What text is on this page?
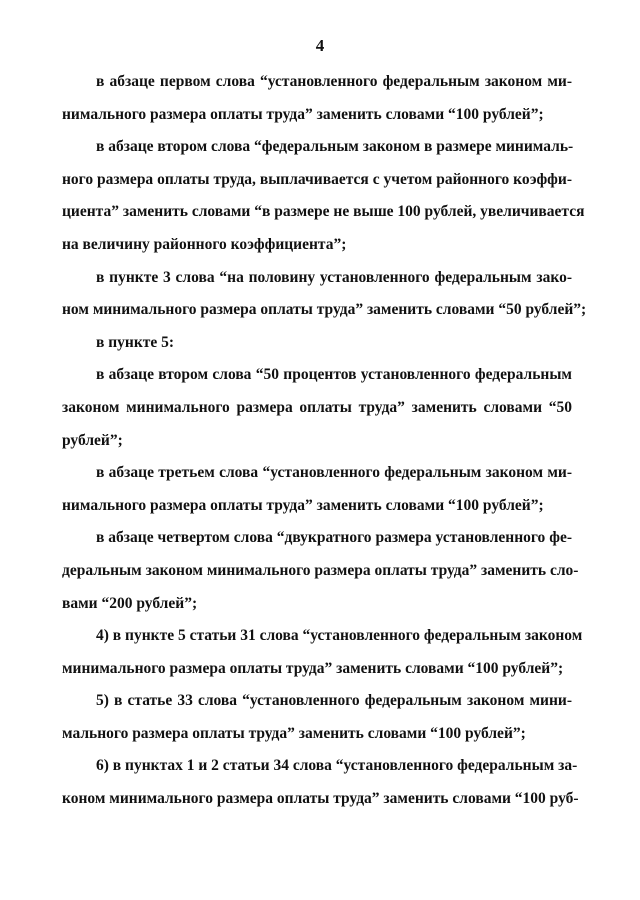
4
в абзаце первом слова “установленного федеральным законом ми-
нимального размера оплаты труда” заменить словами “100 рублей”;
в абзаце втором слова “федеральным законом в размере минималь-
ного размера оплаты труда, выплачивается с учетом районного коэффи-
циента” заменить словами “в размере не выше 100 рублей, увеличивается
на величину районного коэффициента”;
в пункте 3 слова “на половину установленного федеральным зако-
ном минимального размера оплаты труда” заменить словами “50 рублей”;
в пункте 5:
в абзаце втором слова “50 процентов установленного федеральным
законом минимального размера оплаты труда” заменить словами “50
рублей”;
в абзаце третьем слова “установленного федеральным законом ми-
нимального размера оплаты труда” заменить словами “100 рублей”;
в абзаце четвертом слова “двукратного размера установленного фе-
деральным законом минимального размера оплаты труда” заменить сло-
вами “200 рублей”;
4) в пункте 5 статьи 31 слова “установленного федеральным законом
минимального размера оплаты труда” заменить словами “100 рублей”;
5) в статье 33 слова “установленного федеральным законом мини-
мального размера оплаты труда” заменить словами “100 рублей”;
6) в пунктах 1 и 2 статьи 34 слова “установленного федеральным за-
коном минимального размера оплаты труда” заменить словами “100 руб-
